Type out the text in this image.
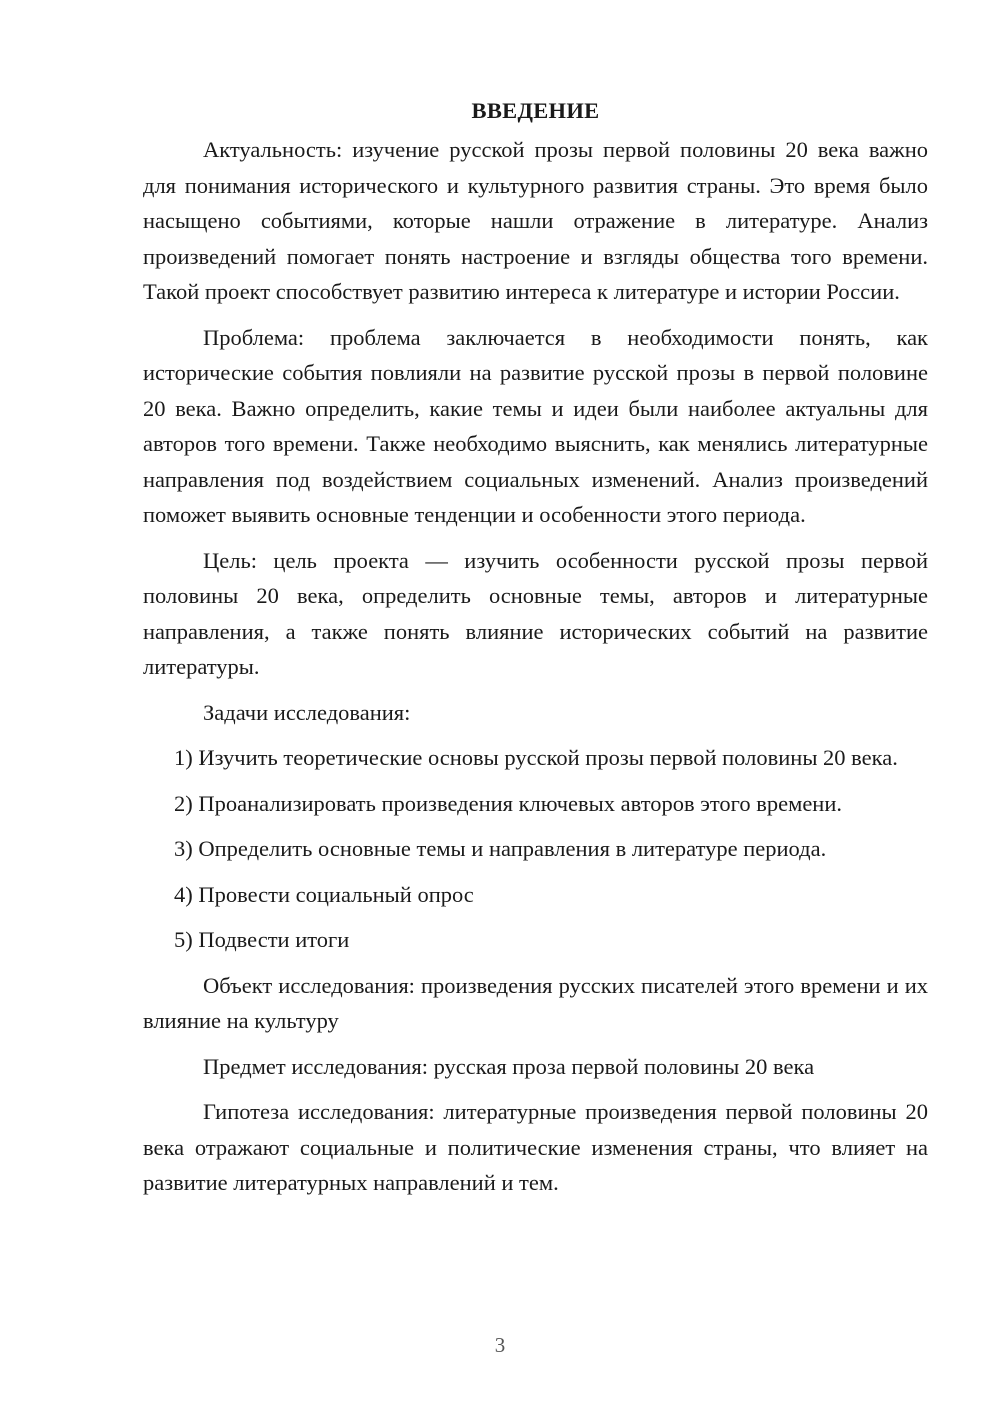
ВВЕДЕНИЕ

Актуальность: изучение русской прозы первой половины 20 века важно для понимания исторического и культурного развития страны. Это время было насыщено событиями, которые нашли отражение в литературе. Анализ произведений помогает понять настроение и взгляды общества того времени. Такой проект способствует развитию интереса к литературе и истории России.

Проблема: проблема заключается в необходимости понять, как исторические события повлияли на развитие русской прозы в первой половине 20 века. Важно определить, какие темы и идеи были наиболее актуальны для авторов того времени. Также необходимо выяснить, как менялись литературные направления под воздействием социальных изменений. Анализ произведений поможет выявить основные тенденции и особенности этого периода.

Цель: цель проекта — изучить особенности русской прозы первой половины 20 века, определить основные темы, авторов и литературные направления, а также понять влияние исторических событий на развитие литературы.

Задачи исследования:

1) Изучить теоретические основы русской прозы первой половины 20 века.

2) Проанализировать произведения ключевых авторов этого времени.

3) Определить основные темы и направления в литературе периода.

4) Провести социальный опрос

5) Подвести итоги

Объект исследования: произведения русских писателей этого времени и их влияние на культуру

Предмет исследования: русская проза первой половины 20 века

Гипотеза исследования: литературные произведения первой половины 20 века отражают социальные и политические изменения страны, что влияет на развитие литературных направлений и тем.

3
